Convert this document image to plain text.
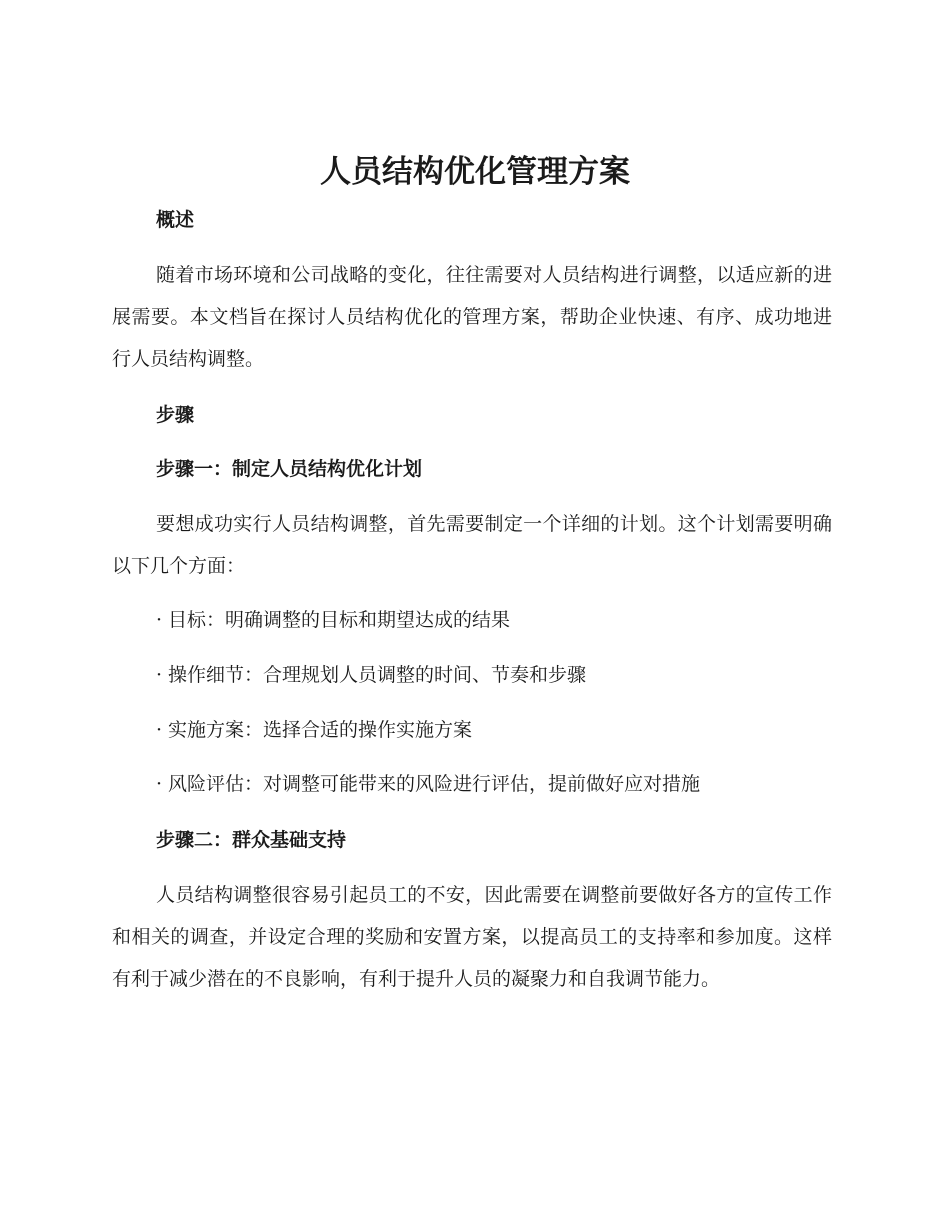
人员结构优化管理方案
概述

随着市场环境和公司战略的变化，往往需要对人员结构进行调整，以适应新的进展需要。本文档旨在探讨人员结构优化的管理方案，帮助企业快速、有序、成功地进行人员结构调整。

步骤
步骤一：制定人员结构优化计划

要想成功实行人员结构调整，首先需要制定一个详细的计划。这个计划需要明确以下几个方面：

· 目标：明确调整的目标和期望达成的结果
· 操作细节：合理规划人员调整的时间、节奏和步骤
· 实施方案：选择合适的操作实施方案
· 风险评估：对调整可能带来的风险进行评估，提前做好应对措施
步骤二：群众基础支持

人员结构调整很容易引起员工的不安，因此需要在调整前要做好各方的宣传工作和相关的调查，并设定合理的奖励和安置方案，以提高员工的支持率和参加度。这样有利于减少潜在的不良影响，有利于提升人员的凝聚力和自我调节能力。
